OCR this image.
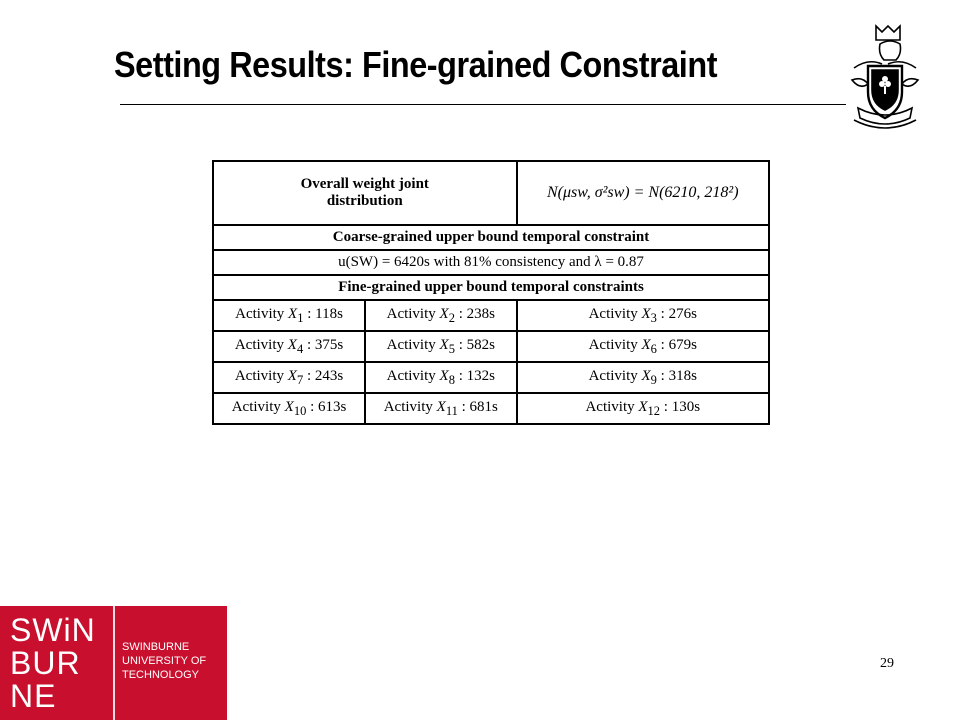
Setting Results: Fine-grained Constraint
Overall weight joint
distribution		N(μsw, σ²sw) = N(6210, 218²)
Coarse-grained upper bound temporal constraint		
u(SW) = 6420s with 81% consistency and λ = 0.87		
Fine-grained upper bound temporal constraints		
Activity $X_1$ : 118s	Activity $X_2$ : 238s	Activity $X_3$ : 276s
Activity $X_4$ : 375s	Activity $X_5$ : 582s	Activity $X_6$ : 679s
Activity $X_7$ : 243s	Activity $X_8$ : 132s	Activity $X_9$ : 318s
Activity $X_{10}$ : 613s	Activity $X_{11}$ : 681s	Activity $X_{12}$ : 130s
SWiN
BUR
NE
SWINBURNE
UNIVERSITY OF
TECHNOLOGY
29
